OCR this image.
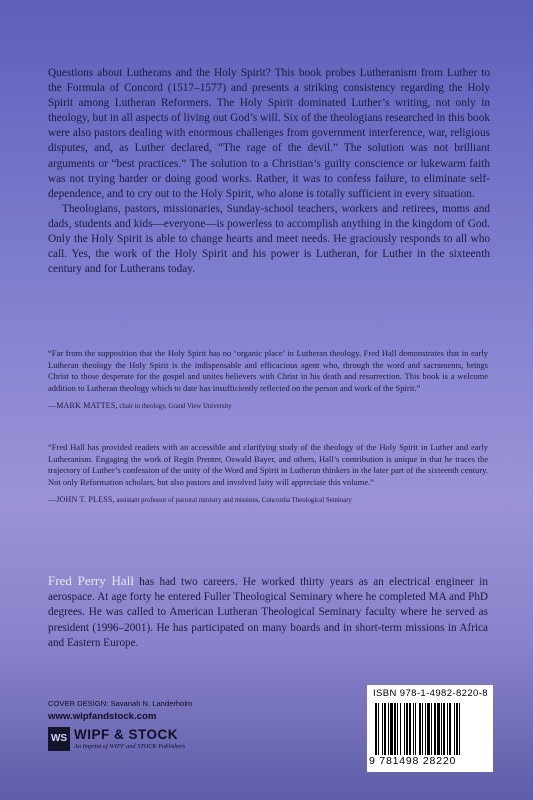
Questions about Lutherans and the Holy Spirit? This book probes Lutheranism from Luther to the Formula of Concord (1517–1577) and presents a striking consistency regarding the Holy Spirit among Lutheran Reformers. The Holy Spirit dominated Luther’s writing, not only in theology, but in all aspects of living out God’s will. Six of the theologians researched in this book were also pastors dealing with enormous challenges from government interference, war, religious disputes, and, as Luther declared, “The rage of the devil.” The solution was not brilliant arguments or “best practices.” The solution to a Christian’s guilty conscience or lukewarm faith was not trying harder or doing good works. Rather, it was to confess failure, to eliminate self-dependence, and to cry out to the Holy Spirit, who alone is totally sufficient in every situation.

Theologians, pastors, missionaries, Sunday-school teachers, workers and retirees, moms and dads, students and kids—everyone—is powerless to accomplish anything in the kingdom of God. Only the Holy Spirit is able to change hearts and meet needs. He graciously responds to all who call. Yes, the work of the Holy Spirit and his power is Lutheran, for Luther in the sixteenth century and for Lutherans today.

“Far from the supposition that the Holy Spirit has no ‘organic place’ in Lutheran theology, Fred Hall demonstrates that in early Lutheran theology the Holy Spirit is the indispensable and efficacious agent who, through the word and sacraments, brings Christ to those desperate for the gospel and unites believers with Christ in his death and resurrection. This book is a welcome addition to Lutheran theology which to date has insufficiently reflected on the person and work of the Spirit.”

—MARK MATTES, chair in theology, Grand View University

“Fred Hall has provided readers with an accessible and clarifying study of the theology of the Holy Spirit in Luther and early Lutheranism. Engaging the work of Regin Prenter, Oswald Bayer, and others, Hall’s contribution is unique in that he traces the trajectory of Luther’s confession of the unity of the Word and Spirit in Lutheran thinkers in the later part of the sixteenth century. Not only Reformation scholars, but also pastors and involved laity will appreciate this volume.”

—JOHN T. PLESS, assistant professor of pastoral ministry and missions, Concordia Theological Seminary

Fred Perry Hall has had two careers. He worked thirty years as an electrical engineer in aerospace. At age forty he entered Fuller Theological Seminary where he completed MA and PhD degrees. He was called to American Lutheran Theological Seminary faculty where he served as president (1996–2001). He has participated on many boards and in short-term missions in Africa and Eastern Europe.

COVER DESIGN: Savanah N. Landerholm
www.wipfandstock.com
WS WIPF & STOCK
An Imprint of WIPF and STOCK Publishers
ISBN 978-1-4982-8220-8
9 781498 28220
